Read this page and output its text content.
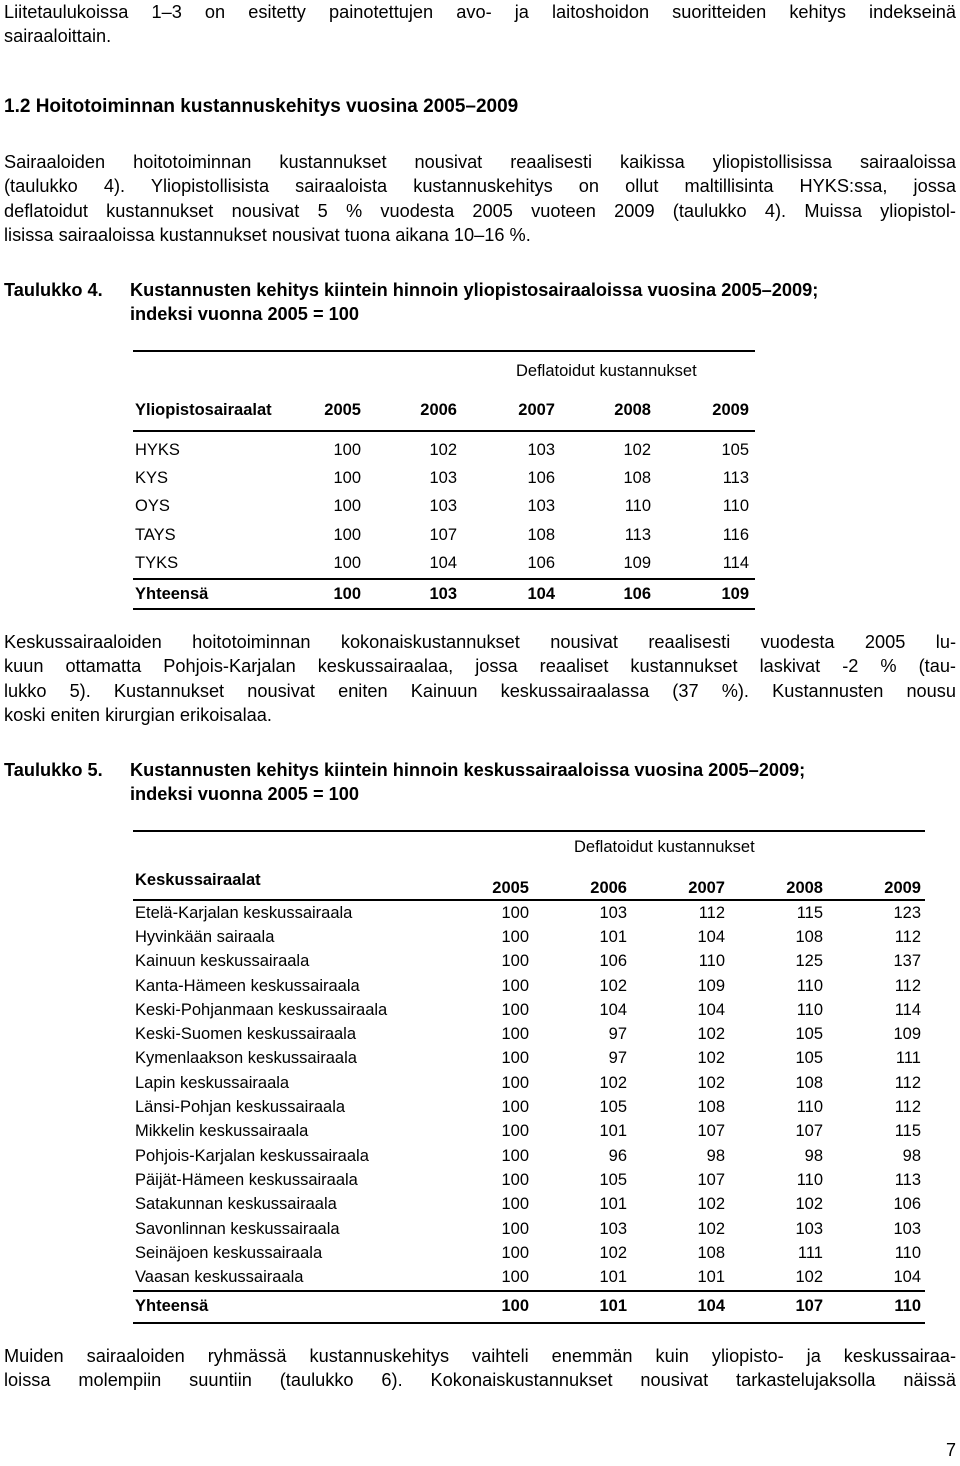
Liitetaulukoissa 1–3 on esitetty painotettujen avo- ja laitoshoidon suoritteiden kehitys indekseinä
sairaaloittain.
1.2 Hoitotoiminnan kustannuskehitys vuosina 2005–2009
Sairaaloiden hoitotoiminnan kustannukset nousivat reaalisesti kaikissa yliopistollisissa sairaaloissa
(taulukko 4). Yliopistollisista sairaaloista kustannuskehitys on ollut maltillisinta HYKS:ssa, jossa
deflatoidut kustannukset nousivat 5 % vuodesta 2005 vuoteen 2009 (taulukko 4). Muissa yliopistol-
lisissa sairaaloissa kustannukset nousivat tuona aikana 10–16 %.
Taulukko 4. Kustannusten kehitys kiintein hinnoin yliopistosairaaloissa vuosina 2005–2009;
indeksi vuonna 2005 = 100
	Deflatoidut kustannukset				
Yliopistosairaalat	2005	2006	2007	2008	2009

HYKS	100	102	103	102	105
KYS	100	103	106	108	113
OYS	100	103	103	110	110
TAYS	100	107	108	113	116
TYKS	100	104	106	109	114
Yhteensä	100	103	104	106	109
Keskussairaaloiden hoitotoiminnan kokonaiskustannukset nousivat reaalisesti vuodesta 2005 lu-
kuun ottamatta Pohjois-Karjalan keskussairaalaa, jossa reaaliset kustannukset laskivat -2 % (tau-
lukko 5). Kustannukset nousivat eniten Kainuun keskussairaalassa (37 %). Kustannusten nousu
koski eniten kirurgian erikoisalaa.
Taulukko 5. Kustannusten kehitys kiintein hinnoin keskussairaaloissa vuosina 2005–2009;
indeksi vuonna 2005 = 100
	Deflatoidut kustannukset				
Keskussairaalat	2005	2006	2007	2008	2009
Etelä-Karjalan keskussairaala	100	103	112	115	123
Hyvinkään sairaala	100	101	104	108	112
Kainuun keskussairaala	100	106	110	125	137
Kanta-Hämeen keskussairaala	100	102	109	110	112
Keski-Pohjanmaan keskussairaala	100	104	104	110	114
Keski-Suomen keskussairaala	100	97	102	105	109
Kymenlaakson keskussairaala	100	97	102	105	111
Lapin keskussairaala	100	102	102	108	112
Länsi-Pohjan keskussairaala	100	105	108	110	112
Mikkelin keskussairaala	100	101	107	107	115
Pohjois-Karjalan keskussairaala	100	96	98	98	98
Päijät-Hämeen keskussairaala	100	105	107	110	113
Satakunnan keskussairaala	100	101	102	102	106
Savonlinnan keskussairaala	100	103	102	103	103
Seinäjoen keskussairaala	100	102	108	111	110
Vaasan keskussairaala	100	101	101	102	104
Yhteensä	100	101	104	107	110
Muiden sairaaloiden ryhmässä kustannuskehitys vaihteli enemmän kuin yliopisto- ja keskussairaa-
loissa molempiin suuntiin (taulukko 6). Kokonaiskustannukset nousivat tarkastelujaksolla näissä
7
